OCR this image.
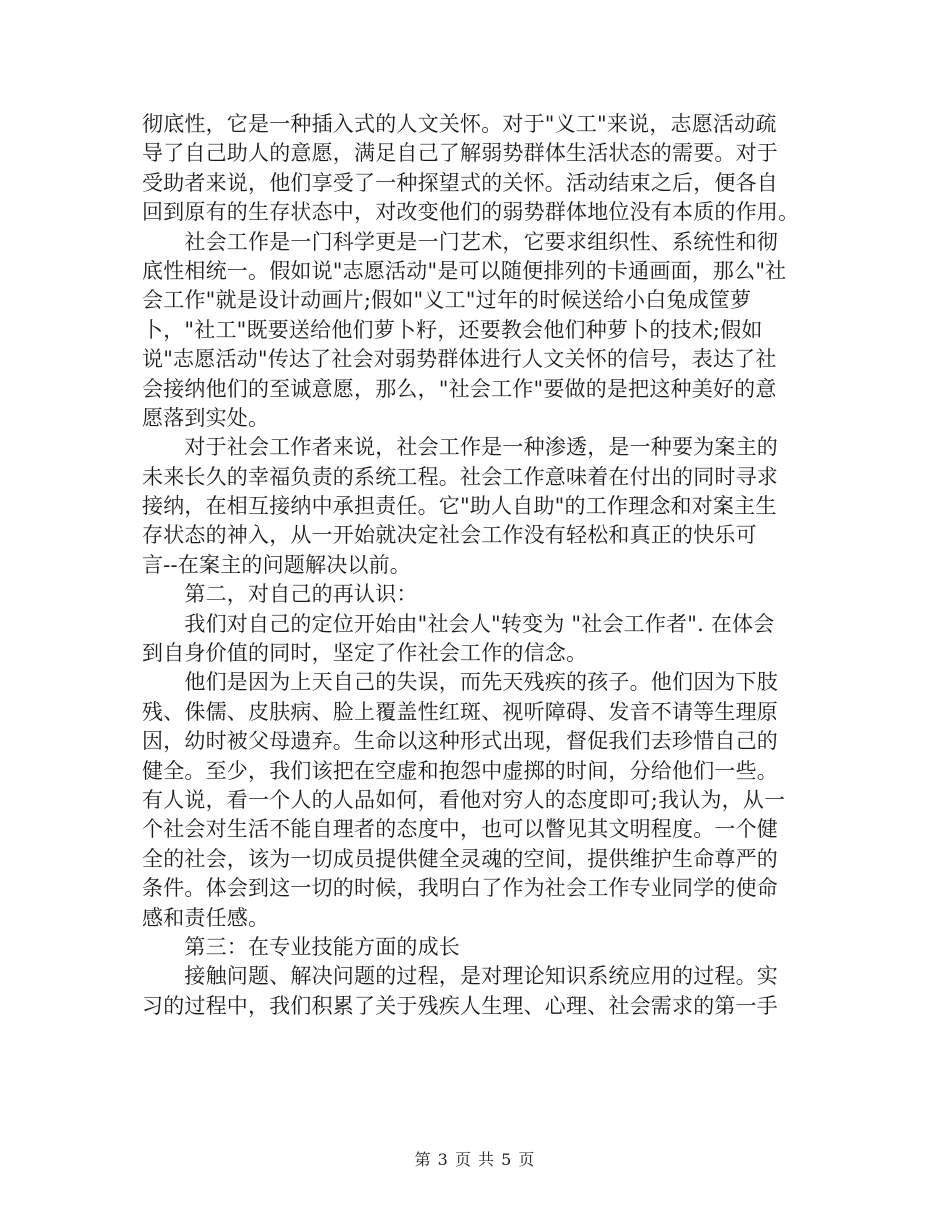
彻底性，它是一种插入式的人文关怀。对于"义工"来说，志愿活动疏
导了自己助人的意愿，满足自己了解弱势群体生活状态的需要。对于
受助者来说，他们享受了一种探望式的关怀。活动结束之后，便各自
回到原有的生存状态中，对改变他们的弱势群体地位没有本质的作用。
　　社会工作是一门科学更是一门艺术，它要求组织性、系统性和彻
底性相统一。假如说"志愿活动"是可以随便排列的卡通画面，那么"社
会工作"就是设计动画片;假如"义工"过年的时候送给小白兔成筐萝
卜，"社工"既要送给他们萝卜籽，还要教会他们种萝卜的技术;假如
说"志愿活动"传达了社会对弱势群体进行人文关怀的信号，表达了社
会接纳他们的至诚意愿，那么，"社会工作"要做的是把这种美好的意
愿落到实处。
　　对于社会工作者来说，社会工作是一种渗透，是一种要为案主的
未来长久的幸福负责的系统工程。社会工作意味着在付出的同时寻求
接纳，在相互接纳中承担责任。它"助人自助"的工作理念和对案主生
存状态的神入，从一开始就决定社会工作没有轻松和真正的快乐可
言--在案主的问题解决以前。
　　第二，对自己的再认识：
　　我们对自己的定位开始由"社会人"转变为 "社会工作者". 在体会
到自身价值的同时，坚定了作社会工作的信念。
　　他们是因为上天自己的失误，而先天残疾的孩子。他们因为下肢
残、侏儒、皮肤病、脸上覆盖性红斑、视听障碍、发音不请等生理原
因，幼时被父母遗弃。生命以这种形式出现，督促我们去珍惜自己的
健全。至少，我们该把在空虚和抱怨中虚掷的时间，分给他们一些。
有人说，看一个人的人品如何，看他对穷人的态度即可;我认为，从一
个社会对生活不能自理者的态度中，也可以瞥见其文明程度。一个健
全的社会，该为一切成员提供健全灵魂的空间，提供维护生命尊严的
条件。体会到这一切的时候，我明白了作为社会工作专业同学的使命
感和责任感。
　　第三：在专业技能方面的成长
　　接触问题、解决问题的过程，是对理论知识系统应用的过程。实
习的过程中，我们积累了关于残疾人生理、心理、社会需求的第一手
第 3 页 共 5 页
